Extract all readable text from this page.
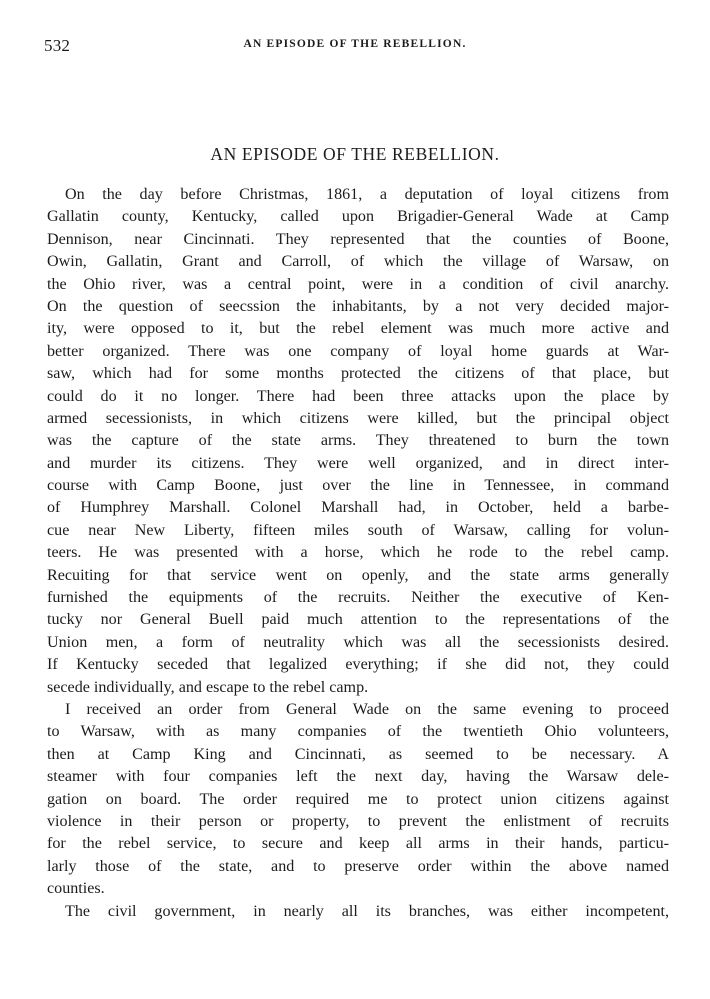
532	AN EPISODE OF THE REBELLION.
AN EPISODE OF THE REBELLION.
On the day before Christmas, 1861, a deputation of loyal citizens from
Gallatin county, Kentucky, called upon Brigadier-General Wade at Camp
Dennison, near Cincinnati. They represented that the counties of Boone,
Owin, Gallatin, Grant and Carroll, of which the village of Warsaw, on
the Ohio river, was a central point, were in a condition of civil anarchy.
On the question of seecssion the inhabitants, by a not very decided major-
ity, were opposed to it, but the rebel element was much more active and
better organized. There was one company of loyal home guards at War-
saw, which had for some months protected the citizens of that place, but
could do it no longer. There had been three attacks upon the place by
armed secessionists, in which citizens were killed, but the principal object
was the capture of the state arms. They threatened to burn the town
and murder its citizens. They were well organized, and in direct inter-
course with Camp Boone, just over the line in Tennessee, in command
of Humphrey Marshall. Colonel Marshall had, in October, held a barbe-
cue near New Liberty, fifteen miles south of Warsaw, calling for volun-
teers. He was presented with a horse, which he rode to the rebel camp.
Recuiting for that service went on openly, and the state arms generally
furnished the equipments of the recruits. Neither the executive of Ken-
tucky nor General Buell paid much attention to the representations of the
Union men, a form of neutrality which was all the secessionists desired.
If Kentucky seceded that legalized everything; if she did not, they could
secede individually, and escape to the rebel camp.
I received an order from General Wade on the same evening to proceed
to Warsaw, with as many companies of the twentieth Ohio volunteers,
then at Camp King and Cincinnati, as seemed to be necessary. A
steamer with four companies left the next day, having the Warsaw dele-
gation on board. The order required me to protect union citizens against
violence in their person or property, to prevent the enlistment of recruits
for the rebel service, to secure and keep all arms in their hands, particu-
larly those of the state, and to preserve order within the above named
counties.
The civil government, in nearly all its branches, was either incompetent,
